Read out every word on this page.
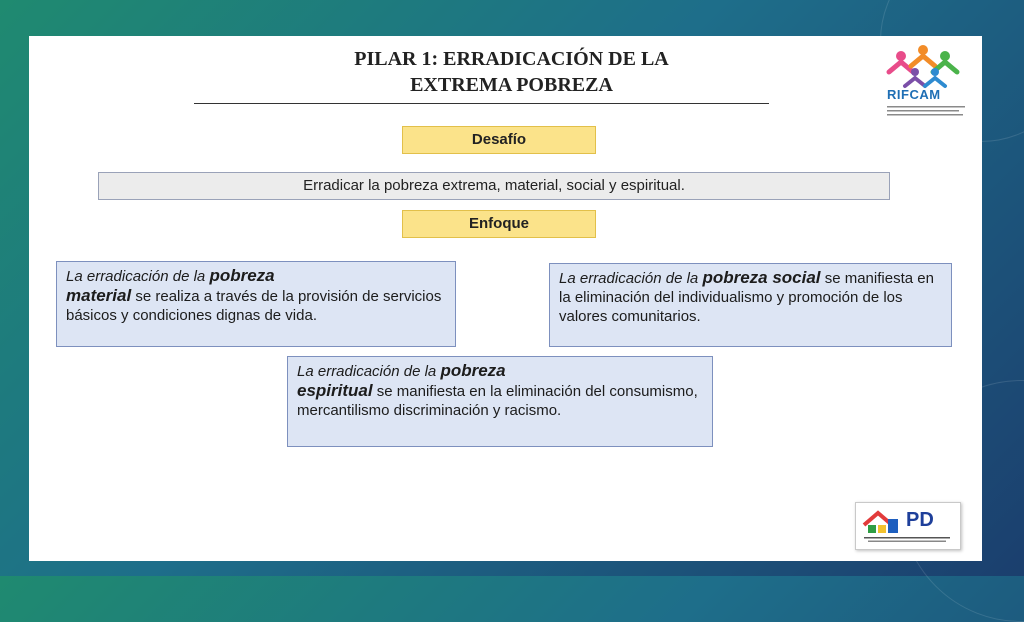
PILAR 1: ERRADICACIÓN DE LA
EXTREMA POBREZA	RIFCAM
Desafío
Erradicar la pobreza extrema, material, social y espiritual.
Enfoque
La erradicación de la pobreza
material se realiza a través de la provisión de servicios básicos y condiciones dignas de vida.
La erradicación de la pobreza social se manifiesta en la eliminación del individualismo y promoción de los valores comunitarios.
La erradicación de la pobreza
espiritual se manifiesta en la eliminación del consumismo, mercantilismo discriminación y racismo.
PD
